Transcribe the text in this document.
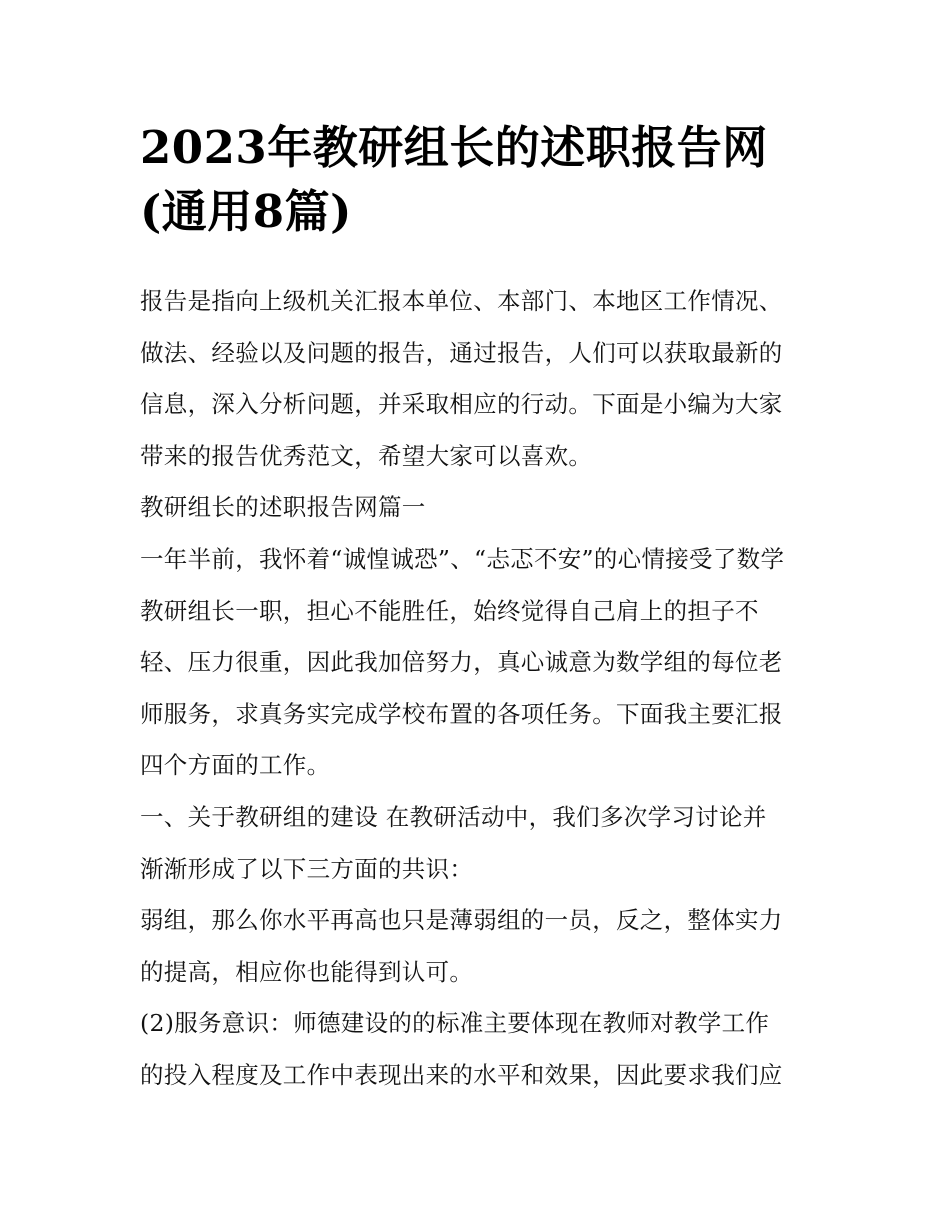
2023年教研组长的述职报告网
(通用8篇)
报告是指向上级机关汇报本单位、本部门、本地区工作情况、
做法、经验以及问题的报告，通过报告，人们可以获取最新的
信息，深入分析问题，并采取相应的行动。下面是小编为大家
带来的报告优秀范文，希望大家可以喜欢。
教研组长的述职报告网篇一
一年半前，我怀着“诚惶诚恐”、“忐忑不安”的心情接受了数学
教研组长一职，担心不能胜任，始终觉得自己肩上的担子不
轻、压力很重，因此我加倍努力，真心诚意为数学组的每位老
师服务，求真务实完成学校布置的各项任务。下面我主要汇报
四个方面的工作。
一、关于教研组的建设 在教研活动中，我们多次学习讨论并
渐渐形成了以下三方面的共识：
弱组，那么你水平再高也只是薄弱组的一员，反之，整体实力
的提高，相应你也能得到认可。
(2)服务意识：师德建设的的标准主要体现在教师对教学工作
的投入程度及工作中表现出来的水平和效果，因此要求我们应
